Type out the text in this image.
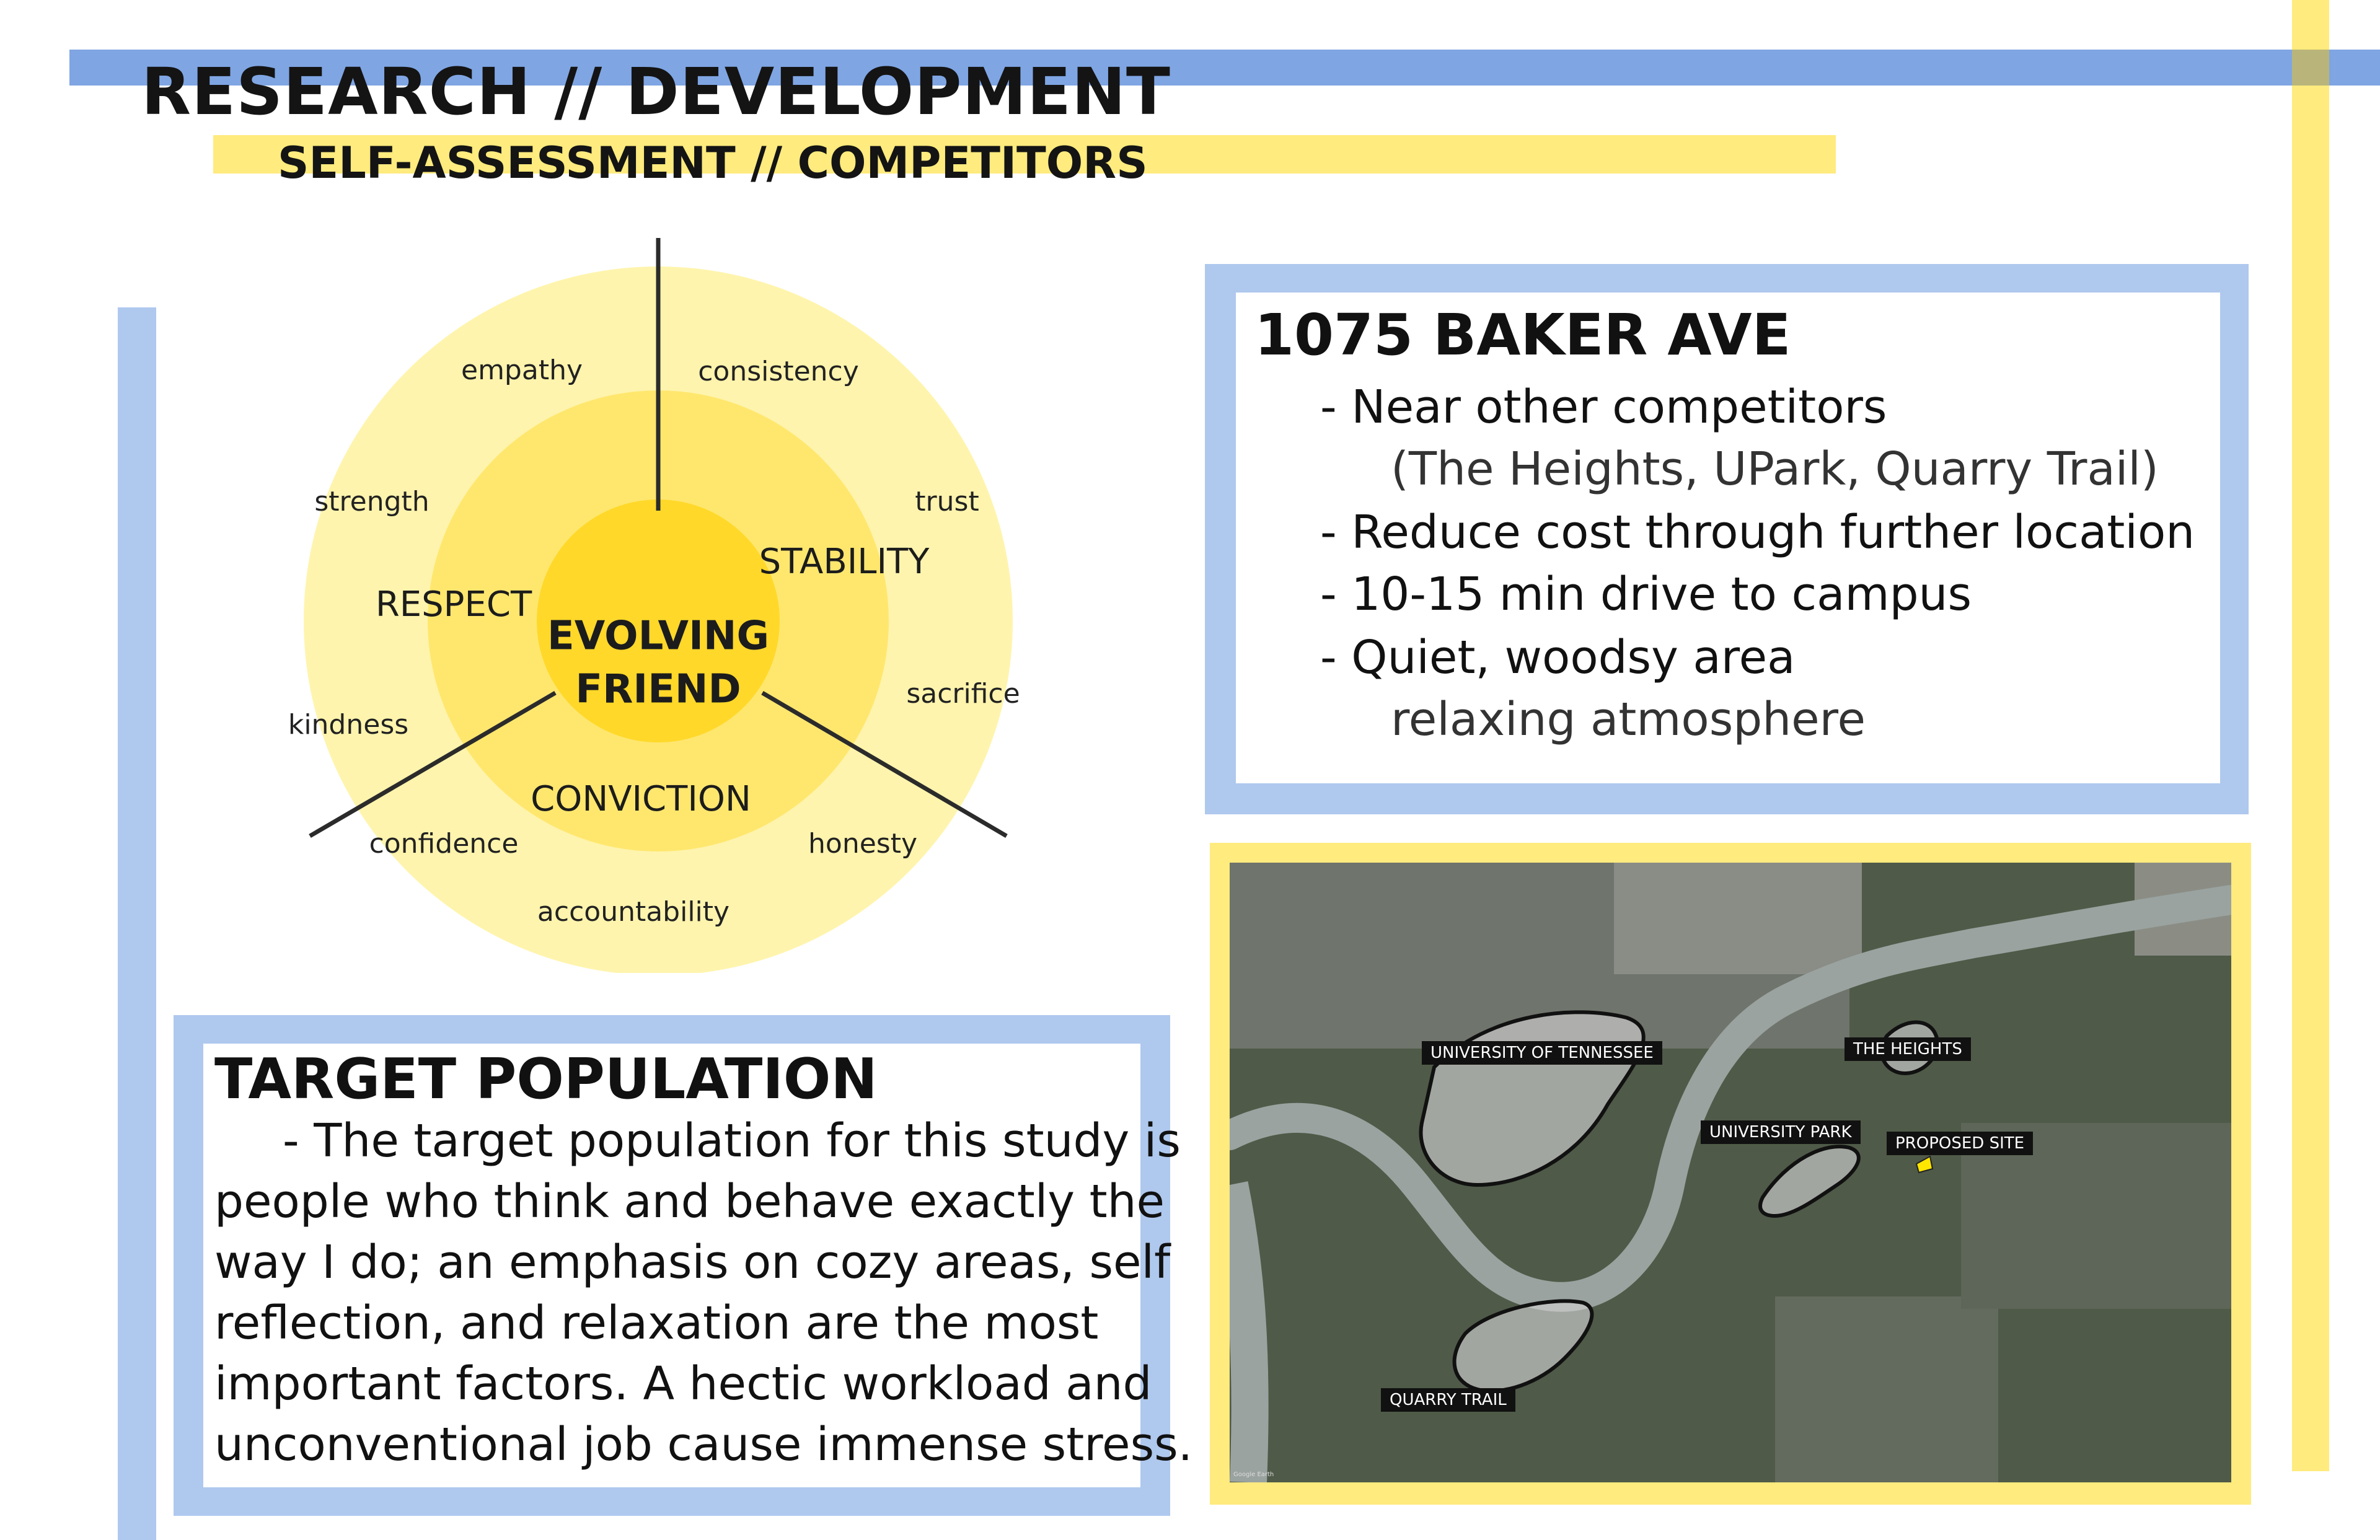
RESEARCH // DEVELOPMENT
SELF-ASSESSMENT // COMPETITORS
EVOLVING
FRIEND
RESPECT
STABILITY
CONVICTION
empathy	consistency
strength	trust
kindness
sacrifice
confidence	honesty
accountability
1075 BAKER AVE
- Near other competitors
(The Heights, UPark, Quarry Trail)
- Reduce cost through further location
- 10-15 min drive to campus
- Quiet, woodsy area
relaxing atmosphere
TARGET POPULATION
- The target population for this study is
people who think and behave exactly the
way I do; an emphasis on cozy areas, self
reflection, and relaxation are the most
important factors. A hectic workload and
unconventional job cause immense stress.
UNIVERSITY OF TENNESSEE	THE HEIGHTS
UNIVERSITY PARK
PROPOSED SITE
QUARRY TRAIL
Google Earth
